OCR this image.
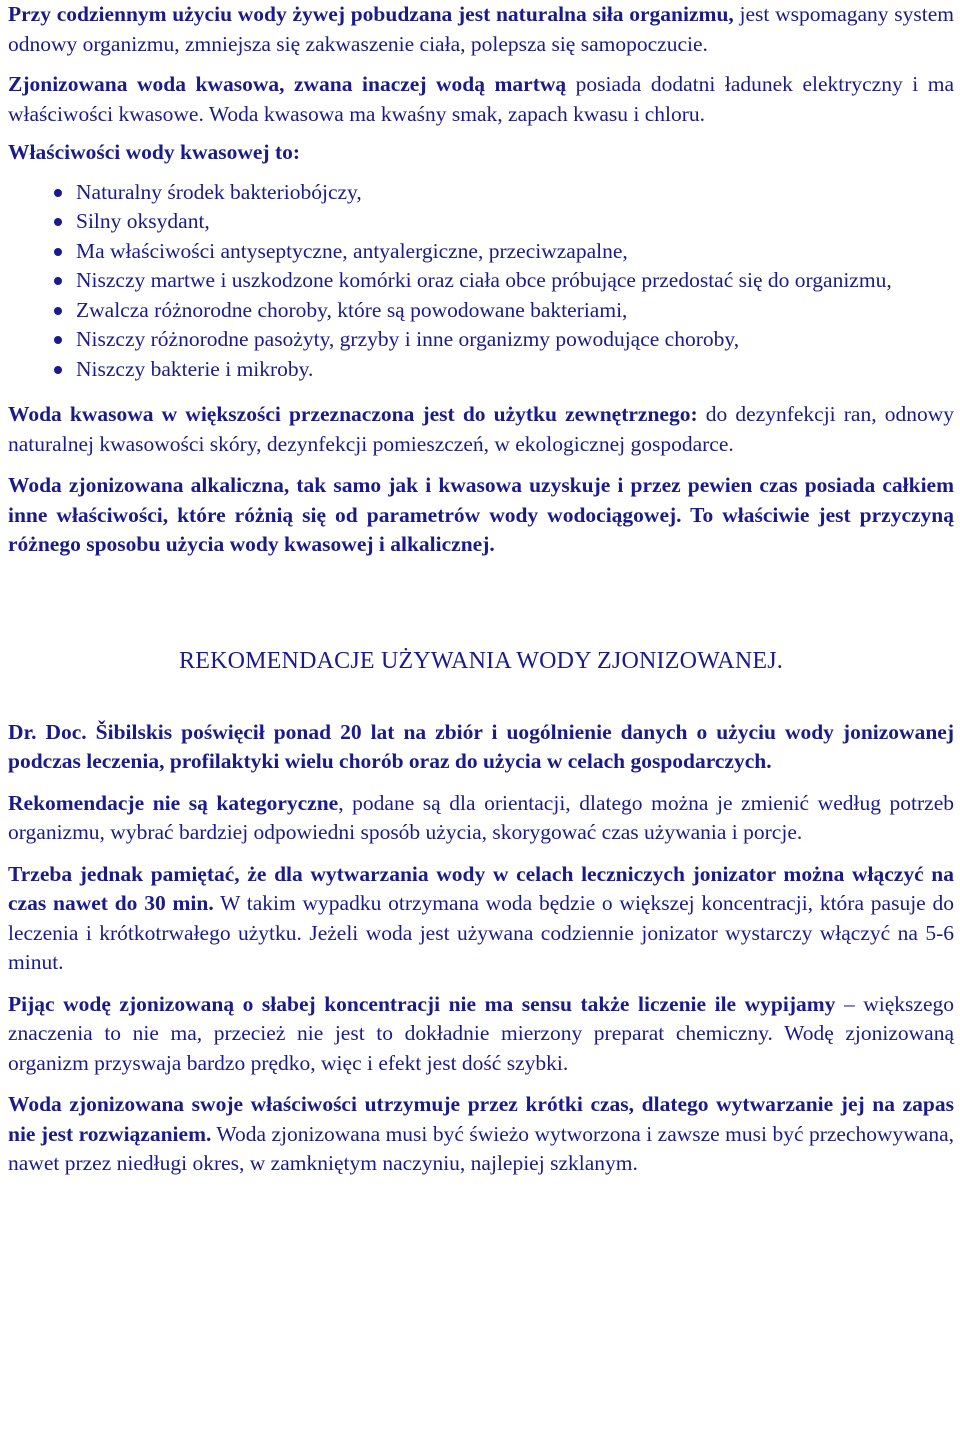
Przy codziennym użyciu wody żywej pobudzana jest naturalna siła organizmu, jest wspomagany system odnowy organizmu, zmniejsza się zakwaszenie ciała, polepsza się samopoczucie.

Zjonizowana woda kwasowa, zwana inaczej wodą martwą posiada dodatni ładunek elektryczny i ma właściwości kwasowe. Woda kwasowa ma kwaśny smak, zapach kwasu i chloru.

Właściwości wody kwasowej to:

Naturalny środek bakteriobójczy,
Silny oksydant,
Ma właściwości antyseptyczne, antyalergiczne, przeciwzapalne,
Niszczy martwe i uszkodzone komórki oraz ciała obce próbujące przedostać się do organizmu,
Zwalcza różnorodne choroby, które są powodowane bakteriami,
Niszczy różnorodne pasożyty, grzyby i inne organizmy powodujące choroby,
Niszczy bakterie i mikroby.

Woda kwasowa w większości przeznaczona jest do użytku zewnętrznego: do dezynfekcji ran, odnowy naturalnej kwasowości skóry, dezynfekcji pomieszczeń, w ekologicznej gospodarce.

Woda zjonizowana alkaliczna, tak samo jak i kwasowa uzyskuje i przez pewien czas posiada całkiem inne właściwości, które różnią się od parametrów wody wodociągowej. To właściwie jest przyczyną różnego sposobu użycia wody kwasowej i alkalicznej.

REKOMENDACJE UŻYWANIA WODY ZJONIZOWANEJ.

Dr. Doc. Šibilskis poświęcił ponad 20 lat na zbiór i uogólnienie danych o użyciu wody jonizowanej podczas leczenia, profilaktyki wielu chorób oraz do użycia w celach gospodarczych.

Rekomendacje nie są kategoryczne, podane są dla orientacji, dlatego można je zmienić według potrzeb organizmu, wybrać bardziej odpowiedni sposób użycia, skorygować czas używania i porcje.

Trzeba jednak pamiętać, że dla wytwarzania wody w celach leczniczych jonizator można włączyć na czas nawet do 30 min. W takim wypadku otrzymana woda będzie o większej koncentracji, która pasuje do leczenia i krótkotrwałego użytku. Jeżeli woda jest używana codziennie jonizator wystarczy włączyć na 5-6 minut.

Pijąc wodę zjonizowaną o słabej koncentracji nie ma sensu także liczenie ile wypijamy – większego znaczenia to nie ma, przecież nie jest to dokładnie mierzony preparat chemiczny. Wodę zjonizowaną organizm przyswaja bardzo prędko, więc i efekt jest dość szybki.

Woda zjonizowana swoje właściwości utrzymuje przez krótki czas, dlatego wytwarzanie jej na zapas nie jest rozwiązaniem. Woda zjonizowana musi być świeżo wytworzona i zawsze musi być przechowywana, nawet przez niedługi okres, w zamkniętym naczyniu, najlepiej szklanym.
